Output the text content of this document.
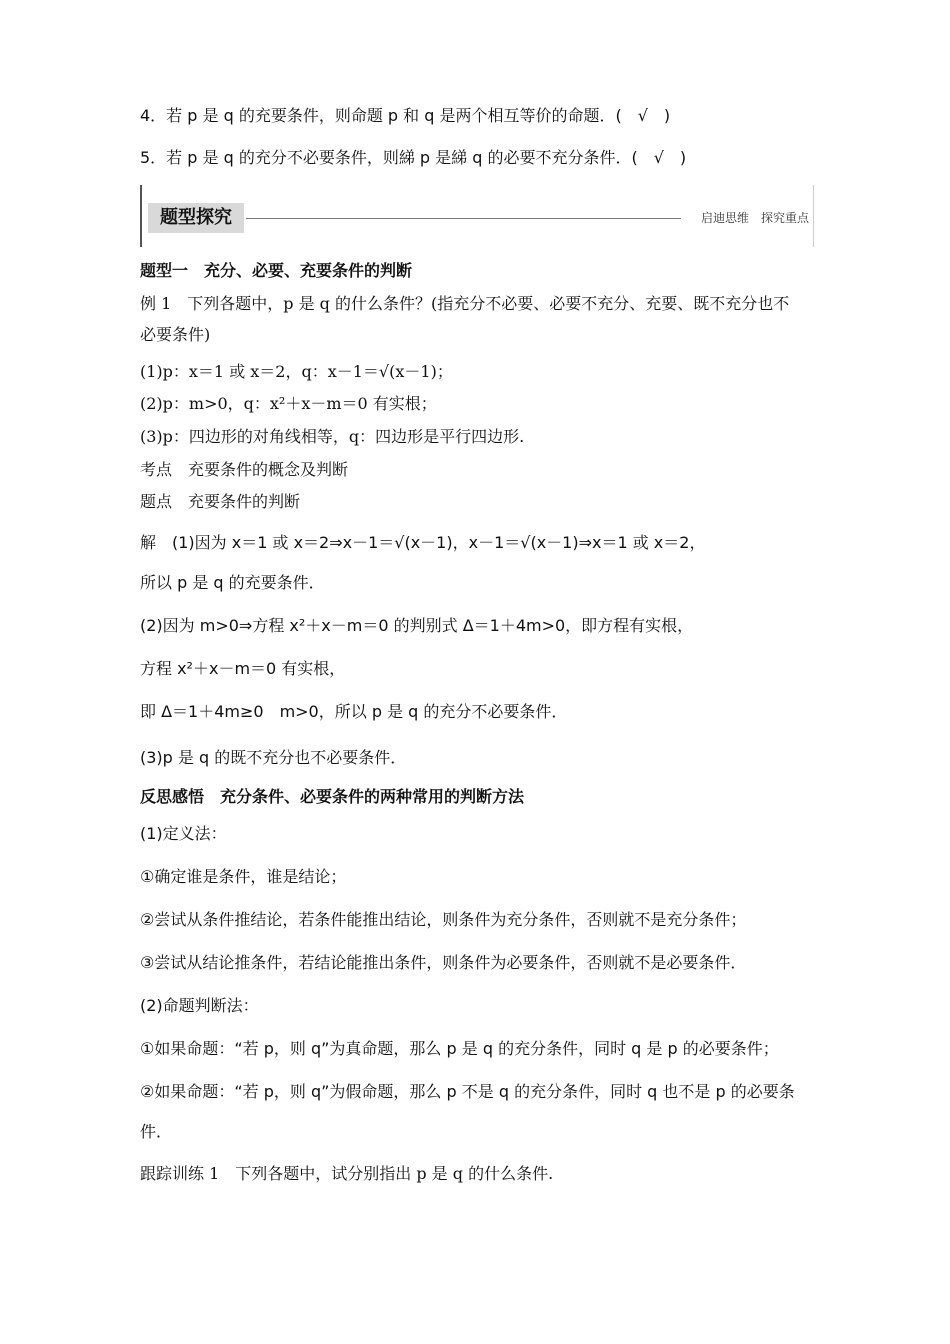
4．若 p 是 q 的充要条件，则命题 p 和 q 是两个相互等价的命题．(　√　)
5．若 p 是 q 的充分不必要条件，则綈 p 是綈 q 的必要不充分条件．(　√　)
题型探究	启迪思维　探究重点
题型一　充分、必要、充要条件的判断
例 1　下列各题中，p 是 q 的什么条件？(指充分不必要、必要不充分、充要、既不充分也不
必要条件)
(1)p：x＝1 或 x＝2，q：x－1＝√(x－1)；
(2)p：m>0，q：x²＋x－m＝0 有实根；
(3)p：四边形的对角线相等，q：四边形是平行四边形.
考点　充要条件的概念及判断
题点　充要条件的判断
解　(1)因为 x＝1 或 x＝2⇒x－1＝√(x－1)，x－1＝√(x－1)⇒x＝1 或 x＝2，
所以 p 是 q 的充要条件．
(2)因为 m>0⇒方程 x²＋x－m＝0 的判别式 Δ＝1＋4m>0，即方程有实根，
方程 x²＋x－m＝0 有实根，
即 Δ＝1＋4m≥0　m>0，所以 p 是 q 的充分不必要条件．
(3)p 是 q 的既不充分也不必要条件．
反思感悟　充分条件、必要条件的两种常用的判断方法
(1)定义法：
①确定谁是条件，谁是结论；
②尝试从条件推结论，若条件能推出结论，则条件为充分条件，否则就不是充分条件；
③尝试从结论推条件，若结论能推出条件，则条件为必要条件，否则就不是必要条件．
(2)命题判断法：
①如果命题：“若 p，则 q”为真命题，那么 p 是 q 的充分条件，同时 q 是 p 的必要条件；
②如果命题：“若 p，则 q”为假命题，那么 p 不是 q 的充分条件，同时 q 也不是 p 的必要条
件．
跟踪训练 1　下列各题中，试分别指出 p 是 q 的什么条件.
